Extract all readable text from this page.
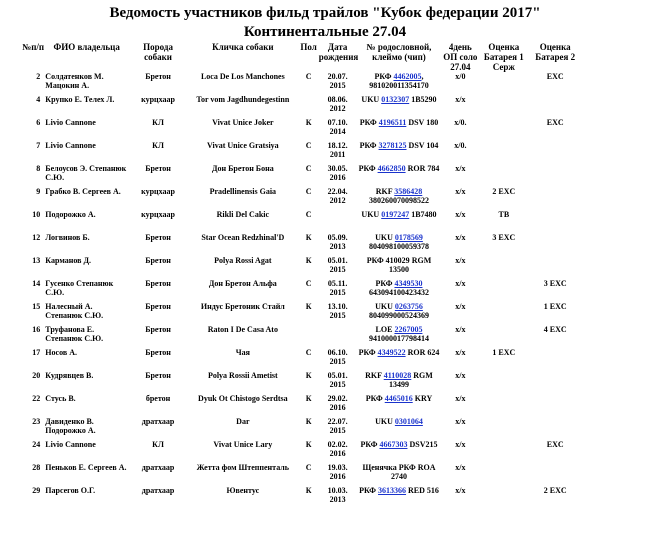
Ведомость участников фильд трайлов "Кубок федерации 2017"
Континентальные 27.04
№п/п	ФИО владельца	Порода собаки	Кличка собаки	Пол	Дата рождения	№ родословной, клеймо (чип)	4день ОП соло 27.04	Оценка Батарея 1 Серж	Оценка Батарея 2
2	Солдатенков М. Мацокин А.	Бретон	Loca De Los Manchones	С	20.07. 2015	РКФ 4462005, 981020011354170	x/0		EXC
4	Крупко Е. Телех Л.	курцхаар	Tor vom Jagdhundegestinn		08.06. 2012	UKU 0132307 1B5290	x/x		
6	Livio Cannone	КЛ	Vivat Unice Joker	К	07.10. 2014	РКФ 4196511 DSV 180	x/0.		EXC
7	Livio Cannone	КЛ	Vivat Unice Gratsiya	С	18.12. 2011	РКФ 3278125 DSV 104	x/0.		
8	Белоусов Э. Степанюк С.Ю.	Бретон	Дон Бретон Бона	С	30.05. 2016	РКФ 4662850 ROR 784	x/x		
9	Грабко В. Сергеев А.	курцхаар	Pradellinensis Gaia	С	22.04. 2012	RKF 3586428 380260070098522	x/x	2 EXC	
10	Подорожко А.	курцхаар	Rikli Del Cakic	С		UKU 0197247 1B7480	x/x	ТВ	
12	Логвинов Б.	Бретон	Star Ocean Redzhinal'D	К	05.09. 2013	UKU 0178569 804098100059378	x/x	3 EXC	
13	Карманов Д.	Бретон	Polya Rossi Agat	К	05.01. 2015	РКФ 410029 RGM 13500	x/x		
14	Гусенко Степанюк С.Ю.	Бретон	Дон Бретон Альфа	С	05.11. 2015	РКФ 4349530 643094100423432	x/x		3 EXC
15	Налесный А. Степанюк С.Ю.	Бретон	Индус Бретоник Стайл	К	13.10. 2015	UKU 0263756 804099000524369	x/x		1 EXC
16	Труфанова Е. Степанюк С.Ю.	Бретон	Raton I De Casa Ato			LOE 2267005 941000017798414	x/x		4 EXC
17	Носов А.	Бретон	Чая	С	06.10. 2015	РКФ 4349522 ROR 624	x/x	1 EXC	
20	Кудрявцев В.	Бретон	Polya Rossii Ametist	К	05.01. 2015	RKF 4110028 RGM 13499	x/x		
22	Стусь В.	бретон	Dyuk Ot Chistogo Serdtsa	К	29.02. 2016	РКФ 4465016 KRY	x/x		
23	Давиденко В. Подорожко А.	дратхаар	Dar	К	22.07. 2015	UKU 0301064	x/x		
24	Livio Cannone	КЛ	Vivat Unice Lary	К	02.02. 2016	РКФ 4667303 DSV215	x/x		EXC
28	Пеньков Е. Сергеев А.	дратхаар	Жетта фом Штеппенталь	С	19.03. 2016	Щенячка РКФ ROA 2740	x/x		
29	Парсегов О.Г.	дратхаар	Ювентус	К	10.03. 2013	РКФ 3613366 RED 516	x/x		2 EXC
